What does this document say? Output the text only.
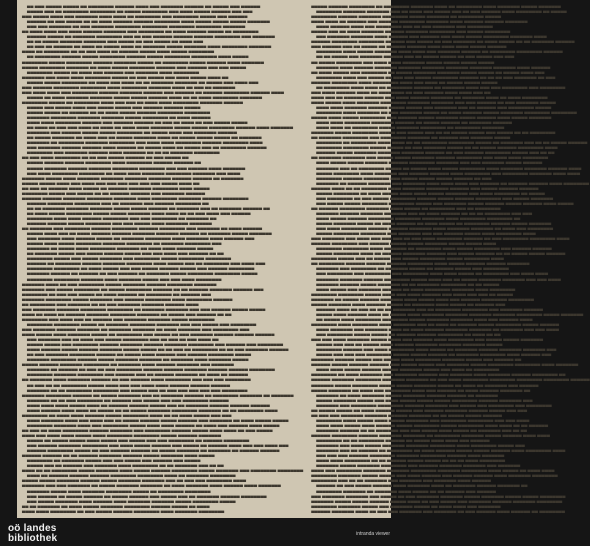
▄▄ ▄▄▄ ▄▄▄▄▄ ▄▄▄▄▄ ▄▄ ▄▄▄▄▄▄▄▄ ▄▄▄▄▄▄ ▄▄▄▄ ▄▄▄ ▄▄▄▄▄▄▄ ▄▄▄▄▄▄ ▄▄ ▄▄▄▄▄ ▄▄▄ ▄▄▄▄▄▄
▄▄▄▄▄ ▄▄▄ ▄▄ ▄▄▄▄▄▄▄▄ ▄▄▄▄▄▄▄▄ ▄▄ ▄▄▄▄▄ ▄▄▄▄▄▄▄▄ ▄▄▄ ▄▄▄▄ ▄▄▄▄▄ ▄▄▄▄▄▄ ▄▄▄ ▄▄▄
▄▄▄ ▄▄▄▄▄ ▄▄▄▄ ▄▄▄ ▄▄▄▄▄▄▄ ▄▄▄▄ ▄▄▄▄ ▄▄ ▄▄▄▄▄▄▄▄ ▄▄▄ ▄▄▄▄▄▄▄▄ ▄▄▄▄▄ ▄▄▄ ▄▄▄▄▄▄
▄▄▄▄▄▄ ▄▄ ▄▄▄ ▄▄▄▄▄ ▄▄ ▄▄ ▄▄▄▄ ▄▄▄▄▄▄ ▄▄▄▄▄▄ ▄▄▄▄▄▄▄▄ ▄▄▄▄ ▄▄▄▄▄ ▄▄▄▄▄ ▄▄▄▄▄ ▄▄▄▄▄▄▄
▄▄▄ ▄▄▄ ▄▄▄▄▄▄▄ ▄▄ ▄▄▄ ▄▄▄▄▄▄▄ ▄▄▄▄▄▄▄▄ ▄▄▄▄▄▄▄▄ ▄▄▄▄▄▄▄▄ ▄▄▄▄▄▄▄▄ ▄▄▄▄▄▄▄
▄▄ ▄▄▄▄ ▄▄▄▄ ▄▄▄ ▄▄▄▄ ▄▄▄▄▄▄ ▄▄▄▄▄▄▄ ▄▄▄ ▄▄▄▄▄▄▄▄ ▄▄ ▄▄▄▄ ▄▄▄▄▄▄ ▄▄▄▄▄ ▄▄ ▄▄▄▄▄▄▄▄
▄▄▄▄▄▄ ▄▄▄▄▄ ▄▄ ▄▄▄▄▄▄▄ ▄▄▄▄▄▄▄▄ ▄▄▄ ▄▄ ▄▄▄ ▄▄▄▄▄▄ ▄▄▄▄▄▄ ▄▄▄▄▄▄ ▄▄▄▄▄▄▄▄ ▄▄▄ ▄▄▄▄▄▄▄
▄▄ ▄▄ ▄▄▄▄▄ ▄▄▄▄▄▄▄ ▄▄▄▄▄▄▄ ▄▄▄ ▄▄▄▄▄ ▄▄ ▄▄▄ ▄▄▄▄▄ ▄▄ ▄▄▄▄ ▄▄▄
▄▄ ▄▄▄ ▄▄ ▄▄▄▄▄▄ ▄▄ ▄▄▄▄ ▄▄ ▄▄▄▄▄ ▄▄▄▄ ▄▄ ▄▄▄▄▄▄▄ ▄▄▄▄▄ ▄▄▄▄▄▄▄ ▄▄▄▄ ▄▄▄▄▄▄▄▄ ▄▄▄▄▄▄▄
▄▄▄▄ ▄▄ ▄▄▄▄▄▄▄▄ ▄▄ ▄▄ ▄▄▄ ▄▄▄▄ ▄▄ ▄▄▄▄▄▄ ▄▄▄▄▄ ▄▄▄▄ ▄▄▄▄▄ ▄▄▄▄▄▄▄▄
▄▄ ▄▄▄▄▄▄▄▄ ▄▄▄▄▄▄ ▄▄▄▄▄ ▄▄▄▄▄▄▄▄ ▄▄▄▄▄▄ ▄▄▄▄▄ ▄▄▄▄▄▄▄▄ ▄▄▄▄▄▄▄▄ ▄▄▄▄ ▄▄▄▄▄
▄▄▄▄▄▄▄▄ ▄▄▄▄▄ ▄▄▄▄▄▄▄▄ ▄▄▄▄▄▄ ▄▄▄▄▄▄▄ ▄▄▄▄▄ ▄▄ ▄▄▄▄▄▄▄▄ ▄▄▄▄▄ ▄▄▄▄▄▄ ▄▄▄▄ ▄▄▄▄▄▄▄
▄▄▄▄▄ ▄▄▄▄▄▄▄▄ ▄▄▄▄▄▄▄ ▄▄ ▄▄▄▄ ▄▄▄▄▄ ▄▄▄▄▄▄▄▄ ▄▄▄▄▄▄ ▄▄▄ ▄▄▄▄▄▄ ▄▄▄ ▄▄▄ ▄▄▄▄▄
▄▄▄▄▄▄▄▄ ▄▄▄▄▄ ▄▄ ▄▄▄▄ ▄▄▄ ▄▄▄▄▄▄ ▄▄▄ ▄▄▄▄▄▄▄ ▄▄▄▄ ▄▄▄▄▄▄▄▄
▄▄▄▄▄▄▄ ▄▄▄ ▄▄▄▄ ▄▄▄▄ ▄▄▄▄▄▄▄▄ ▄▄▄▄▄ ▄▄ ▄▄▄ ▄▄▄▄▄ ▄▄▄ ▄▄▄▄ ▄▄▄▄▄ ▄▄▄▄ ▄▄
▄▄▄▄▄ ▄▄▄▄▄ ▄▄▄▄▄▄▄▄ ▄▄ ▄▄▄▄ ▄▄▄ ▄▄▄▄ ▄▄ ▄▄ ▄▄▄▄▄▄▄ ▄▄▄▄▄▄▄ ▄▄ ▄▄▄▄▄ ▄▄▄ ▄▄▄▄ ▄▄▄
▄▄▄ ▄▄▄▄▄▄ ▄▄▄▄▄▄▄▄ ▄▄▄▄▄▄▄▄ ▄▄▄▄ ▄▄▄▄▄▄▄▄ ▄▄▄▄▄▄▄ ▄▄▄▄ ▄▄ ▄▄▄ ▄▄ ▄▄▄▄▄▄▄
▄▄▄ ▄▄▄▄ ▄▄▄▄ ▄▄▄ ▄▄▄▄▄▄▄▄ ▄▄▄▄▄▄ ▄▄▄▄▄▄▄ ▄▄▄▄▄▄ ▄▄▄ ▄▄▄▄▄▄ ▄▄ ▄▄▄▄▄▄ ▄▄▄▄▄▄▄▄ ▄▄▄▄▄▄ ▄▄▄▄
▄▄▄▄▄ ▄▄ ▄▄▄▄ ▄▄▄▄▄▄▄ ▄▄▄▄▄▄▄ ▄▄▄▄▄ ▄▄▄▄▄ ▄▄▄▄▄▄ ▄▄▄▄ ▄▄ ▄▄ ▄▄▄▄ ▄▄▄▄▄▄▄▄ ▄▄▄▄▄▄▄
▄▄▄▄▄▄▄▄ ▄▄▄▄▄ ▄▄ ▄▄▄▄▄▄▄▄ ▄▄▄▄ ▄▄▄ ▄▄▄ ▄▄ ▄▄▄▄ ▄▄▄▄ ▄▄▄▄▄▄▄▄ ▄▄▄▄▄▄▄ ▄▄▄▄▄▄
▄▄▄▄▄ ▄▄▄ ▄▄▄▄▄ ▄▄▄▄ ▄▄▄ ▄▄▄▄▄ ▄▄▄▄▄ ▄▄▄ ▄▄▄▄▄▄ ▄▄▄▄▄▄ ▄▄▄▄▄
▄▄▄▄▄ ▄▄▄▄▄ ▄▄ ▄▄▄▄▄▄ ▄▄ ▄▄ ▄▄▄▄ ▄▄▄▄▄ ▄▄▄▄▄▄ ▄▄▄▄▄▄▄▄ ▄▄▄▄▄▄▄▄
▄▄▄▄▄▄▄ ▄▄▄▄▄▄▄▄ ▄▄▄▄▄▄▄ ▄▄▄▄▄▄▄ ▄▄▄▄▄ ▄▄▄▄▄▄▄▄ ▄▄ ▄▄▄▄ ▄▄▄▄▄▄
▄▄▄▄ ▄▄▄▄ ▄▄▄▄▄▄▄▄ ▄▄▄▄▄▄ ▄▄▄ ▄▄▄▄▄▄ ▄▄▄▄▄▄ ▄▄ ▄▄▄ ▄▄ ▄▄▄▄ ▄▄ ▄▄▄ ▄▄▄▄▄ ▄▄▄▄▄
▄▄ ▄▄▄▄ ▄▄ ▄▄▄ ▄▄▄ ▄▄▄▄ ▄▄ ▄▄▄▄ ▄▄ ▄▄▄▄ ▄▄▄▄ ▄▄▄▄▄▄▄ ▄▄▄▄▄ ▄▄▄▄▄ ▄▄▄▄▄▄▄▄ ▄▄▄▄▄▄ ▄▄▄▄ ▄▄▄▄▄▄▄
▄▄▄▄▄▄▄ ▄▄▄ ▄▄▄▄▄▄ ▄▄▄▄▄ ▄▄▄▄▄ ▄▄▄▄▄▄▄▄ ▄▄ ▄▄▄▄▄ ▄▄▄▄ ▄▄▄ ▄▄▄▄▄▄▄ ▄▄▄▄▄▄
▄▄ ▄▄▄▄▄ ▄▄▄▄▄▄▄ ▄▄ ▄▄▄▄ ▄▄▄ ▄▄ ▄▄▄▄▄ ▄▄▄▄▄▄▄ ▄▄▄▄ ▄▄ ▄▄▄▄▄ ▄▄▄▄▄ ▄▄▄▄▄ ▄▄ ▄▄▄▄▄▄▄
▄▄▄▄▄▄▄ ▄▄ ▄▄▄▄▄▄▄▄ ▄▄▄▄▄▄▄ ▄▄▄▄▄▄▄▄ ▄▄▄ ▄▄▄▄ ▄▄▄▄ ▄▄▄▄▄▄▄▄ ▄▄▄▄▄▄ ▄▄▄▄▄▄▄▄ ▄▄▄▄
▄▄▄ ▄▄▄▄▄▄▄ ▄▄▄▄▄▄ ▄▄▄▄▄▄ ▄▄▄▄ ▄▄▄▄▄▄ ▄▄ ▄▄▄▄▄ ▄▄▄▄ ▄▄ ▄▄▄▄▄ ▄▄▄ ▄▄ ▄▄▄▄▄▄▄▄ ▄▄▄▄▄▄
▄▄▄▄▄▄▄▄ ▄▄▄ ▄▄▄▄▄▄▄ ▄▄▄▄▄▄ ▄▄▄▄ ▄▄▄▄▄▄▄ ▄▄ ▄▄ ▄▄ ▄▄▄▄▄▄▄ ▄▄▄▄▄▄▄▄
▄▄ ▄▄▄ ▄▄▄▄ ▄▄▄▄▄▄▄▄ ▄▄ ▄▄ ▄▄▄ ▄▄▄▄▄ ▄▄▄▄▄▄ ▄▄ ▄▄▄ ▄▄▄▄▄ ▄▄
▄▄▄▄▄ ▄▄▄▄▄▄ ▄▄▄▄▄▄ ▄▄▄▄▄▄▄▄ ▄▄▄▄ ▄▄▄▄▄▄▄▄ ▄▄▄▄▄▄ ▄▄▄▄▄▄ ▄▄
▄▄▄▄▄ ▄▄▄▄▄▄▄ ▄▄▄▄▄▄ ▄▄▄▄▄▄▄ ▄▄▄▄▄▄▄▄ ▄▄▄▄▄▄▄▄ ▄▄▄ ▄▄▄ ▄▄▄▄▄▄ ▄▄▄▄ ▄▄▄▄▄▄▄
▄▄▄ ▄▄▄▄ ▄▄▄▄▄▄▄▄ ▄▄▄▄▄▄▄▄ ▄▄ ▄▄▄▄ ▄▄▄▄ ▄▄▄▄▄▄▄ ▄▄▄▄▄▄▄▄ ▄▄▄▄▄▄▄ ▄▄▄ ▄▄▄▄
▄▄▄▄▄▄▄ ▄▄▄▄▄ ▄▄▄▄ ▄▄▄▄▄▄▄ ▄▄▄▄▄▄▄ ▄▄▄▄▄▄▄ ▄▄▄▄▄▄▄ ▄▄▄▄▄▄ ▄▄▄▄▄▄ ▄▄ ▄▄▄▄▄▄▄
▄▄▄▄▄ ▄▄▄▄▄ ▄▄▄▄ ▄▄▄ ▄▄▄▄ ▄▄▄ ▄▄▄ ▄▄▄ ▄▄▄ ▄▄▄ ▄▄▄ ▄▄▄▄▄ ▄▄▄▄ ▄▄
▄▄ ▄▄▄ ▄▄ ▄▄▄▄▄▄ ▄▄▄▄ ▄▄▄▄▄ ▄▄ ▄▄▄▄▄▄ ▄▄▄▄▄▄▄ ▄▄▄▄▄▄▄▄ ▄▄▄▄ ▄▄▄▄▄
▄▄▄▄▄▄▄▄ ▄▄▄▄▄ ▄▄▄ ▄▄▄▄▄ ▄▄ ▄▄ ▄▄▄▄▄▄ ▄▄▄▄▄▄ ▄▄▄ ▄▄▄▄▄▄▄ ▄▄▄▄▄▄
▄▄▄▄▄▄ ▄▄▄▄▄▄ ▄▄▄▄▄▄▄ ▄▄▄▄▄▄▄▄ ▄▄▄▄▄▄▄ ▄▄▄▄ ▄▄▄▄▄▄▄▄ ▄▄▄▄▄▄▄ ▄▄▄▄▄▄ ▄▄▄▄▄▄▄▄
▄▄▄▄▄▄ ▄▄▄▄▄▄▄▄ ▄▄▄▄▄▄▄▄ ▄▄▄ ▄▄ ▄▄▄▄▄▄▄ ▄▄▄ ▄▄▄▄▄▄ ▄▄▄▄▄▄▄▄ ▄▄
▄▄ ▄▄ ▄▄▄▄▄▄▄ ▄▄▄▄▄▄▄ ▄▄▄▄▄▄▄ ▄▄▄▄▄ ▄▄▄▄▄ ▄▄▄▄▄▄ ▄▄ ▄▄▄▄▄▄▄ ▄▄▄ ▄▄ ▄▄▄▄▄▄▄ ▄▄▄▄▄▄ ▄▄
▄▄ ▄▄▄▄ ▄▄▄▄▄ ▄▄▄▄▄▄▄▄ ▄▄▄▄▄ ▄▄▄▄▄ ▄▄▄▄▄▄▄ ▄▄▄▄ ▄▄▄▄ ▄▄ ▄▄ ▄▄▄ ▄▄▄▄ ▄▄▄ ▄▄▄▄▄▄
▄▄▄▄▄▄▄▄ ▄▄▄▄ ▄▄▄▄ ▄▄▄▄▄▄ ▄▄▄▄▄▄▄▄ ▄▄▄ ▄▄▄ ▄▄▄▄▄▄▄▄ ▄▄ ▄▄▄▄▄▄▄ ▄▄
▄▄▄▄▄▄ ▄▄▄▄▄▄ ▄▄▄▄▄ ▄▄▄▄▄▄▄▄ ▄▄▄ ▄▄▄ ▄▄▄▄▄ ▄▄▄▄ ▄▄▄▄▄▄▄ ▄▄▄▄▄▄▄
▄▄ ▄▄▄▄▄▄▄ ▄▄▄ ▄▄▄▄▄▄▄▄ ▄▄▄▄▄▄ ▄▄▄▄▄▄▄▄ ▄▄▄▄▄▄ ▄▄▄▄▄▄▄▄ ▄▄▄ ▄▄▄▄▄▄▄ ▄▄ ▄▄▄▄ ▄▄▄▄▄▄
▄▄▄▄▄ ▄▄▄▄ ▄▄▄ ▄▄ ▄▄▄▄ ▄▄▄▄▄▄ ▄▄▄▄▄▄ ▄▄▄▄▄▄▄ ▄▄▄▄▄▄▄ ▄▄▄▄▄▄ ▄▄ ▄▄▄▄▄▄▄ ▄▄▄▄▄ ▄▄▄▄▄▄▄
▄▄▄ ▄▄▄▄▄▄▄ ▄▄▄▄ ▄▄▄▄▄▄ ▄▄▄▄▄ ▄▄ ▄▄▄▄▄▄▄ ▄▄▄▄▄▄▄▄ ▄▄▄▄ ▄▄▄▄▄▄▄ ▄▄▄▄ ▄▄▄▄▄▄ ▄▄▄
▄▄▄▄▄ ▄▄▄▄ ▄▄▄▄▄ ▄▄▄▄▄▄▄▄ ▄▄▄▄▄▄▄ ▄▄▄▄▄▄▄▄ ▄▄ ▄▄▄▄▄▄▄ ▄▄▄▄▄▄▄▄ ▄▄▄
▄▄▄▄▄▄▄ ▄▄ ▄▄▄▄▄ ▄▄▄▄ ▄▄▄▄▄▄▄▄ ▄▄▄▄▄▄▄ ▄▄ ▄▄▄▄ ▄▄▄▄ ▄▄▄▄▄▄ ▄▄▄▄▄
▄▄ ▄▄▄▄▄▄▄ ▄▄▄▄▄ ▄▄▄ ▄▄▄▄▄ ▄▄▄▄▄▄ ▄▄▄▄▄ ▄▄▄ ▄▄▄ ▄▄▄▄ ▄▄▄ ▄▄▄▄▄▄ ▄▄ ▄▄
▄▄▄▄▄▄▄▄ ▄▄▄▄▄ ▄▄▄ ▄▄▄▄▄ ▄▄▄▄▄▄▄ ▄▄▄ ▄▄▄▄▄▄▄▄ ▄▄▄▄▄ ▄▄▄▄▄▄▄▄ ▄▄▄▄▄▄▄▄
▄▄▄▄▄▄ ▄▄ ▄▄▄▄▄▄▄▄ ▄▄▄▄▄▄ ▄▄▄▄▄▄▄ ▄▄▄▄▄▄▄▄ ▄▄▄▄ ▄▄▄▄▄ ▄▄▄ ▄▄ ▄▄▄▄▄▄▄▄ ▄▄▄ ▄▄▄▄ ▄▄▄
▄▄▄▄▄▄▄▄ ▄▄▄▄▄▄▄▄ ▄▄ ▄▄▄▄ ▄▄▄▄▄ ▄▄▄ ▄▄▄ ▄▄▄▄▄ ▄▄▄▄▄▄ ▄▄▄▄▄ ▄▄▄ ▄▄▄▄▄▄ ▄▄▄▄▄▄▄▄
▄▄▄▄▄▄▄ ▄▄▄▄▄▄ ▄▄ ▄▄▄▄▄▄ ▄▄ ▄▄▄ ▄▄▄▄▄▄ ▄▄ ▄▄▄▄▄▄▄ ▄▄▄▄▄ ▄▄▄▄▄▄▄▄ ▄▄▄▄▄▄▄▄ ▄▄▄▄▄
▄▄▄▄▄▄▄▄ ▄▄▄▄▄▄▄▄ ▄▄▄▄▄▄▄ ▄▄▄▄ ▄▄▄▄▄▄▄ ▄▄▄▄▄ ▄▄▄ ▄▄▄ ▄▄▄▄ ▄▄▄▄▄▄▄▄
▄▄▄▄▄▄▄ ▄▄▄▄ ▄▄ ▄▄▄ ▄▄▄▄▄▄▄▄ ▄▄▄▄▄ ▄▄▄▄▄▄▄ ▄▄▄▄▄▄ ▄▄▄▄▄▄▄▄ ▄▄▄▄▄▄▄
▄▄▄▄▄▄▄ ▄▄▄ ▄▄▄▄▄ ▄▄▄▄▄▄▄▄ ▄▄ ▄▄▄▄▄ ▄▄▄▄▄▄▄▄ ▄▄▄▄▄▄ ▄▄ ▄▄ ▄▄▄▄▄▄ ▄▄▄▄▄▄▄ ▄▄▄▄▄▄ ▄▄▄
▄▄▄▄▄▄▄▄ ▄▄ ▄▄▄ ▄▄▄ ▄▄▄▄▄ ▄▄ ▄▄▄▄ ▄▄▄▄▄▄ ▄▄ ▄▄▄▄▄▄▄▄ ▄▄ ▄▄▄▄▄▄ ▄▄▄
▄▄▄▄▄▄▄ ▄▄▄▄▄▄▄▄ ▄▄▄▄▄ ▄▄▄▄▄▄▄ ▄▄▄ ▄▄▄▄▄▄ ▄▄▄▄▄▄▄▄ ▄▄▄▄ ▄▄▄▄▄▄▄▄ ▄▄▄▄▄▄
▄▄ ▄▄▄▄▄▄▄▄ ▄▄▄ ▄▄▄▄▄▄▄ ▄▄ ▄▄ ▄▄▄ ▄▄▄▄▄▄▄ ▄▄▄▄▄▄▄ ▄▄▄▄▄▄ ▄▄▄▄
▄▄▄ ▄▄▄▄▄▄▄ ▄▄▄▄▄▄▄ ▄▄▄▄▄▄▄▄ ▄▄▄▄▄▄▄▄ ▄▄ ▄▄▄▄▄▄▄ ▄▄▄▄▄▄▄ ▄▄▄ ▄▄▄ ▄▄▄▄▄▄ ▄▄▄▄▄ ▄▄▄▄▄
▄▄▄▄ ▄▄ ▄▄▄▄ ▄▄ ▄▄▄▄▄▄ ▄▄▄▄▄▄▄ ▄▄▄▄▄▄▄▄ ▄▄▄▄▄▄▄ ▄▄ ▄▄▄▄▄ ▄▄▄ ▄▄▄▄▄▄ ▄▄ ▄▄
▄▄▄▄▄▄▄▄ ▄▄▄ ▄▄▄▄ ▄▄▄ ▄▄ ▄▄▄▄▄▄ ▄▄▄ ▄▄▄▄▄▄▄ ▄▄▄▄▄▄▄ ▄▄▄▄▄ ▄▄▄▄▄▄▄▄
▄▄▄▄▄▄▄▄ ▄▄▄▄▄▄▄▄ ▄▄▄▄▄ ▄▄ ▄▄▄▄▄▄▄ ▄▄▄▄▄▄▄▄ ▄▄▄▄▄▄▄ ▄▄▄ ▄▄▄ ▄▄▄▄▄ ▄▄▄ ▄▄▄▄▄▄▄▄
▄▄▄ ▄▄▄▄▄▄▄ ▄▄▄▄▄▄ ▄▄▄▄▄▄▄ ▄▄ ▄▄▄▄▄▄▄ ▄▄▄▄▄▄▄ ▄▄ ▄▄▄▄ ▄▄▄▄▄▄▄ ▄▄▄ ▄▄▄▄▄▄▄▄ ▄▄▄
▄▄▄▄ ▄▄▄▄▄ ▄▄▄▄ ▄▄▄▄▄▄▄ ▄▄▄▄▄ ▄▄ ▄▄▄▄▄▄▄▄ ▄▄▄ ▄▄▄▄▄ ▄▄ ▄▄▄ ▄▄▄▄▄▄▄ ▄▄▄▄▄▄ ▄▄▄▄▄▄ ▄▄▄▄▄▄
▄▄▄ ▄▄▄▄▄▄▄ ▄▄▄ ▄▄ ▄▄▄▄ ▄▄▄ ▄▄▄▄▄ ▄▄▄▄▄▄▄▄ ▄▄▄ ▄▄ ▄▄▄ ▄▄ ▄▄▄ ▄▄▄▄ ▄▄
▄▄▄▄▄ ▄▄▄▄▄ ▄▄▄ ▄▄▄▄▄▄▄▄ ▄▄▄▄▄▄ ▄▄▄▄▄▄▄ ▄▄▄▄▄▄ ▄▄▄▄▄▄▄ ▄▄▄▄▄▄▄▄ ▄▄▄ ▄▄▄▄▄▄ ▄▄▄ ▄▄▄▄▄▄▄▄
▄▄▄▄ ▄▄▄▄▄▄ ▄▄▄▄▄ ▄▄▄▄▄▄ ▄▄▄▄▄▄▄ ▄▄▄▄▄ ▄▄▄▄▄ ▄▄ ▄▄ ▄▄▄ ▄▄ ▄▄▄▄▄▄▄▄ ▄▄ ▄▄ ▄▄▄ ▄▄▄▄▄▄▄ ▄▄▄▄▄▄
▄▄ ▄▄▄ ▄▄▄▄▄▄▄ ▄▄▄▄▄▄▄▄ ▄▄▄▄▄▄ ▄▄ ▄▄▄▄▄ ▄▄▄▄ ▄▄▄▄▄▄ ▄▄▄ ▄▄▄▄▄▄ ▄▄▄▄▄▄▄▄ ▄▄▄▄▄
▄▄▄▄▄▄▄ ▄▄▄▄▄▄▄▄ ▄▄▄▄▄▄ ▄▄▄▄▄ ▄▄▄▄▄▄▄ ▄▄▄▄▄▄▄ ▄▄ ▄▄▄▄▄▄▄ ▄▄▄▄ ▄▄▄▄▄▄▄ ▄▄▄▄▄
▄▄▄▄▄ ▄▄▄▄▄▄ ▄▄▄▄▄▄▄ ▄▄▄▄▄▄▄▄ ▄▄ ▄▄▄▄▄▄▄ ▄▄▄▄ ▄▄▄▄▄▄ ▄▄▄▄▄▄▄ ▄▄▄ ▄▄▄▄▄▄▄
▄▄▄▄▄▄▄ ▄▄ ▄▄▄▄▄▄ ▄▄ ▄▄▄ ▄▄ ▄▄▄ ▄▄▄▄▄▄▄▄ ▄▄▄▄▄▄ ▄▄▄▄▄▄ ▄▄▄▄▄▄▄ ▄▄▄▄▄▄ ▄▄▄▄▄▄ ▄▄▄▄▄▄▄▄
▄▄▄▄▄▄▄▄ ▄▄▄▄▄▄▄ ▄▄▄▄▄▄▄▄ ▄▄▄ ▄▄▄▄▄▄ ▄▄▄ ▄▄ ▄▄▄▄▄▄ ▄▄▄▄▄▄▄ ▄▄ ▄▄▄▄ ▄▄ ▄▄▄▄▄▄
▄▄ ▄▄▄▄▄▄▄ ▄▄▄▄ ▄▄▄▄▄▄▄ ▄▄▄▄▄▄ ▄▄ ▄▄▄ ▄▄▄▄▄▄ ▄▄▄▄ ▄▄▄▄▄▄▄▄ ▄▄▄ ▄▄▄ ▄▄▄ ▄▄▄▄▄▄▄▄
▄▄ ▄▄▄ ▄▄ ▄▄ ▄▄▄▄▄▄▄▄ ▄▄▄▄▄ ▄▄▄▄ ▄▄▄ ▄▄▄ ▄▄▄▄ ▄▄▄▄ ▄▄▄▄▄▄ ▄▄▄▄▄▄ ▄▄▄▄▄▄
▄▄▄▄▄▄▄ ▄▄ ▄▄ ▄▄▄▄▄▄▄▄ ▄▄▄▄▄▄▄▄ ▄▄▄ ▄▄▄▄▄ ▄▄▄ ▄▄ ▄▄▄ ▄▄▄ ▄▄▄ ▄▄▄ ▄▄▄ ▄▄▄▄▄▄▄▄
▄▄▄▄▄▄▄ ▄▄▄▄▄▄▄▄ ▄▄▄▄▄▄ ▄▄ ▄▄▄▄▄ ▄▄▄▄▄▄▄ ▄▄▄ ▄▄ ▄▄▄▄▄▄▄ ▄▄▄▄▄▄ ▄▄ ▄▄▄▄▄▄▄▄ ▄▄▄▄▄▄▄ ▄▄ ▄▄▄▄▄▄▄
▄▄▄▄▄▄▄ ▄▄ ▄▄ ▄▄▄ ▄▄▄▄▄▄▄▄ ▄▄ ▄▄▄▄▄▄ ▄▄▄ ▄▄▄▄▄ ▄▄▄ ▄▄▄ ▄▄▄▄▄▄▄▄ ▄▄▄▄▄▄
▄▄▄▄ ▄▄▄▄ ▄▄▄▄ ▄▄▄▄▄ ▄▄▄▄ ▄▄ ▄▄▄▄▄▄ ▄▄▄▄▄▄ ▄▄▄▄▄ ▄▄▄ ▄▄ ▄▄▄▄▄▄▄ ▄▄▄▄▄▄ ▄▄▄▄▄▄ ▄▄▄▄▄▄
▄▄▄▄ ▄▄▄▄▄▄ ▄▄▄▄ ▄▄▄▄ ▄▄ ▄▄▄▄▄ ▄▄ ▄▄ ▄▄▄▄▄ ▄▄▄▄▄▄▄ ▄▄▄▄▄▄▄▄ ▄▄▄▄▄▄▄ ▄▄ ▄▄ ▄▄▄▄▄▄▄▄ ▄▄▄▄
▄▄▄▄▄▄▄▄ ▄▄ ▄▄▄▄ ▄▄▄▄ ▄▄▄▄▄▄ ▄▄▄▄▄ ▄▄▄▄▄▄▄▄ ▄▄▄▄ ▄▄ ▄▄ ▄▄▄▄ ▄▄▄▄▄ ▄▄▄ ▄▄▄
▄▄▄▄ ▄▄▄▄▄▄▄ ▄▄▄▄ ▄▄▄ ▄▄▄▄ ▄▄▄ ▄▄ ▄▄▄▄▄ ▄▄▄▄▄▄ ▄▄▄▄▄ ▄▄▄▄▄▄ ▄▄▄ ▄▄▄▄▄▄▄ ▄▄ ▄▄▄▄ ▄▄▄▄▄ ▄▄▄▄▄
▄▄▄▄▄▄▄▄ ▄▄▄▄▄▄▄ ▄▄▄▄ ▄▄▄ ▄▄▄▄▄▄▄▄ ▄▄▄▄▄ ▄▄▄▄ ▄▄▄▄ ▄▄▄▄▄▄ ▄▄ ▄▄▄▄ ▄▄▄ ▄▄▄▄▄▄ ▄▄▄▄ ▄▄▄▄▄
▄▄ ▄▄▄ ▄▄ ▄▄▄▄ ▄▄▄▄▄▄▄▄ ▄▄▄▄▄▄ ▄▄▄▄▄▄▄ ▄▄▄ ▄▄▄▄▄▄▄▄ ▄▄▄▄▄▄ ▄▄▄▄▄ ▄▄▄▄ ▄▄▄▄ ▄▄ ▄▄▄ ▄▄▄▄▄
▄▄▄▄ ▄▄▄ ▄▄▄▄ ▄▄▄▄ ▄▄▄▄▄ ▄▄▄▄ ▄▄▄▄▄▄▄▄ ▄▄▄▄▄▄▄▄ ▄▄▄▄▄ ▄▄▄▄▄▄ ▄▄▄▄▄▄▄
▄▄▄▄▄ ▄▄ ▄▄▄▄▄ ▄▄▄▄▄ ▄▄▄▄ ▄▄▄▄▄ ▄▄▄ ▄▄▄▄▄ ▄▄▄ ▄▄▄ ▄▄▄▄▄▄▄▄ ▄▄ ▄▄▄▄▄▄ ▄▄▄▄▄▄▄▄
▄▄▄ ▄▄▄▄▄▄ ▄▄▄▄▄▄▄ ▄▄▄▄▄▄▄▄ ▄▄▄ ▄▄▄▄ ▄▄▄▄▄ ▄▄▄▄▄▄ ▄▄▄ ▄▄▄▄▄ ▄▄ ▄▄▄▄▄▄ ▄▄▄▄ ▄▄▄ ▄▄▄ ▄▄▄▄ ▄▄▄
▄▄▄▄▄▄ ▄▄▄▄▄▄▄▄ ▄▄▄▄▄ ▄▄ ▄▄▄ ▄▄▄▄▄▄ ▄▄▄▄▄▄ ▄▄ ▄▄▄▄▄ ▄▄▄▄▄▄▄ ▄▄ ▄▄▄▄▄▄▄ ▄▄ ▄▄▄▄▄▄ ▄▄▄▄▄▄
▄▄▄▄▄▄ ▄▄▄▄▄▄ ▄▄ ▄▄ ▄▄▄▄▄▄ ▄▄▄▄▄▄▄ ▄▄▄▄▄▄ ▄▄▄▄▄ ▄▄▄▄▄▄▄ ▄▄▄▄ ▄▄▄▄▄
▄▄▄▄▄▄▄▄ ▄▄ ▄▄▄▄▄▄▄ ▄▄▄▄▄ ▄▄▄ ▄▄▄ ▄▄▄▄▄ ▄▄▄ ▄▄▄▄▄▄ ▄▄▄ ▄▄▄▄▄
▄▄▄▄▄ ▄▄▄ ▄▄ ▄▄▄▄▄▄ ▄▄▄ ▄▄▄▄▄▄▄ ▄▄▄▄ ▄▄▄▄▄▄▄▄ ▄▄ ▄▄ ▄▄▄▄▄▄▄ ▄▄▄ ▄▄ ▄▄
▄▄▄▄ ▄▄ ▄▄ ▄▄▄▄▄▄▄▄ ▄▄▄▄▄ ▄▄▄▄▄▄▄ ▄▄▄▄ ▄▄▄▄▄ ▄▄▄▄▄▄ ▄▄▄▄▄▄▄▄ ▄▄▄▄▄ ▄▄▄▄▄▄▄ ▄▄▄ ▄▄▄▄▄▄▄▄ ▄▄▄▄▄▄▄▄
▄▄▄▄ ▄▄ ▄▄▄▄▄▄ ▄▄▄▄▄▄ ▄▄▄▄▄▄ ▄▄▄▄▄▄▄▄ ▄▄▄▄▄▄▄▄ ▄▄▄▄ ▄▄ ▄▄▄▄▄▄▄ ▄▄▄▄▄▄▄▄
▄▄▄▄▄ ▄▄▄▄▄ ▄▄▄▄▄▄▄ ▄▄▄▄▄▄ ▄▄▄▄▄ ▄▄▄▄▄▄▄ ▄▄▄▄▄▄▄ ▄▄▄ ▄▄ ▄▄▄ ▄▄▄ ▄▄▄▄▄▄▄▄ ▄▄▄▄
▄▄▄▄▄▄▄ ▄▄▄ ▄▄▄ ▄▄▄▄▄▄▄ ▄▄ ▄▄▄▄▄ ▄▄▄▄▄▄▄ ▄▄▄▄▄▄▄ ▄▄ ▄▄▄▄ ▄▄▄▄▄▄▄ ▄▄▄▄ ▄▄▄▄▄▄ ▄▄▄▄ ▄▄▄▄▄▄▄
▄▄▄▄▄▄▄ ▄▄▄▄▄ ▄▄▄▄ ▄▄▄▄▄▄▄ ▄▄▄▄▄▄▄▄ ▄▄▄▄▄ ▄▄ ▄▄▄▄▄▄▄▄ ▄▄▄▄▄▄▄▄
▄▄▄ ▄▄▄▄▄▄ ▄▄ ▄▄▄▄▄ ▄▄▄▄▄▄ ▄▄ ▄▄▄▄▄ ▄▄▄▄▄▄ ▄▄▄ ▄▄▄▄▄ ▄▄▄ ▄▄ ▄▄▄▄▄▄▄ ▄▄▄▄▄▄ ▄▄▄▄▄▄▄▄
▄▄▄ ▄▄▄▄▄ ▄▄▄▄▄▄▄ ▄▄▄▄ ▄▄▄▄▄▄ ▄▄▄▄ ▄▄▄▄▄▄▄ ▄▄▄▄▄▄▄ ▄▄▄▄▄ ▄▄▄▄▄▄▄▄ ▄▄▄▄▄
▄▄ ▄▄ ▄▄▄▄▄▄▄ ▄▄ ▄▄▄▄ ▄▄▄▄▄ ▄▄▄▄▄▄▄ ▄▄▄▄▄▄▄▄ ▄▄▄▄▄▄ ▄▄▄▄▄ ▄▄ ▄▄▄▄
▄▄▄▄ ▄▄▄▄ ▄▄▄▄▄▄▄▄ ▄▄ ▄▄▄ ▄▄▄▄▄ ▄▄▄▄▄▄ ▄▄▄▄▄▄▄▄ ▄▄▄▄ ▄▄▄▄▄▄▄ ▄▄▄▄▄▄▄▄
▄▄▄▄▄ ▄▄▄▄▄▄ ▄▄▄▄▄▄▄▄ ▄▄ ▄▄▄▄▄▄▄▄ ▄▄▄▄▄▄▄ ▄▄▄▄ ▄▄ ▄▄▄▄▄▄▄▄ ▄▄▄▄ ▄▄▄▄▄▄▄ ▄▄▄▄▄ ▄▄▄▄▄▄▄
▄▄▄▄▄▄▄▄ ▄▄▄▄▄▄▄ ▄▄▄▄▄▄▄ ▄▄▄ ▄▄ ▄▄▄▄ ▄▄▄ ▄▄▄▄▄ ▄▄▄ ▄▄ ▄▄▄ ▄▄▄▄▄▄ ▄▄▄▄ ▄▄▄▄▄▄▄▄ ▄▄ ▄▄▄▄▄
▄▄▄▄▄▄▄▄ ▄▄▄▄▄▄ ▄▄▄▄▄▄▄ ▄▄▄▄▄▄▄▄ ▄▄▄▄▄ ▄▄▄▄▄▄▄ ▄▄ ▄▄▄▄▄▄▄▄ ▄▄▄▄▄
▄▄▄▄ ▄▄▄▄ ▄▄ ▄▄▄▄▄▄ ▄▄▄ ▄▄▄▄▄▄ ▄▄▄▄▄▄▄▄ ▄▄▄▄▄▄▄ ▄▄▄▄ ▄▄▄▄▄▄ ▄▄▄▄▄▄ ▄▄▄▄▄▄▄
▄▄▄▄ ▄▄▄▄▄▄ ▄▄▄▄ ▄▄▄ ▄▄▄▄▄▄▄▄ ▄▄▄ ▄▄ ▄▄▄ ▄▄▄▄▄▄▄ ▄▄▄ ▄▄▄▄▄▄▄▄
▄▄▄▄▄ ▄▄▄ ▄▄ ▄▄▄▄ ▄▄▄▄▄▄▄ ▄▄▄▄▄▄ ▄▄▄▄▄▄▄ ▄▄▄▄▄▄▄▄ ▄▄▄ ▄▄▄▄▄ ▄▄▄▄▄▄▄▄
▄▄▄ ▄▄▄▄▄▄▄ ▄▄▄▄▄▄▄ ▄▄▄▄ ▄▄▄▄▄▄ ▄▄▄ ▄▄▄▄▄▄ ▄▄▄ ▄▄▄▄ ▄▄▄▄▄ ▄▄▄▄▄▄▄▄ ▄▄▄▄▄▄▄ ▄▄▄▄
▄▄▄▄▄▄ ▄▄▄▄▄▄▄▄ ▄▄▄▄▄▄▄▄ ▄▄▄▄▄▄ ▄▄▄ ▄▄▄▄▄ ▄▄ ▄▄▄ ▄▄▄▄▄▄▄ ▄▄ ▄▄▄▄ ▄▄▄▄▄ ▄▄ ▄▄ ▄▄▄▄▄▄▄ ▄▄▄▄▄▄
▄▄▄ ▄▄▄▄▄▄ ▄▄▄ ▄▄ ▄▄▄▄▄ ▄▄ ▄▄▄▄▄▄ ▄▄▄▄▄▄ ▄▄▄▄ ▄▄▄▄ ▄▄▄▄ ▄▄▄▄▄ ▄▄▄▄▄▄
▄▄▄▄▄▄▄▄ ▄▄▄▄ ▄▄▄▄▄ ▄▄▄▄▄▄▄ ▄▄▄▄ ▄▄▄▄ ▄▄▄ ▄▄▄▄▄▄▄ ▄▄▄▄▄▄ ▄▄ ▄▄▄▄▄▄▄▄ ▄▄▄▄▄▄▄▄ ▄▄▄▄▄▄
▄▄ ▄▄ ▄▄▄▄▄ ▄▄▄ ▄▄▄▄▄▄▄ ▄▄▄▄▄▄ ▄▄▄ ▄▄ ▄▄▄▄▄ ▄▄▄▄▄ ▄▄ ▄▄▄ ▄▄▄▄▄ ▄▄▄ ▄▄▄
▄▄ ▄▄▄▄▄ ▄▄▄▄▄▄▄▄ ▄▄▄ ▄▄▄▄ ▄▄▄▄ ▄▄▄▄▄▄▄ ▄▄▄▄▄ ▄▄▄▄▄ ▄▄▄▄▄ ▄▄▄▄▄
▄▄▄▄▄▄▄ ▄▄▄▄ ▄▄▄▄▄▄ ▄▄▄▄▄▄▄ ▄▄▄▄▄▄▄ ▄▄▄▄▄▄▄ ▄▄▄▄▄▄▄ ▄▄▄▄▄▄▄ ▄▄▄▄▄▄▄ ▄▄▄▄ ▄▄▄▄▄▄
▄▄ ▄▄▄▄ ▄▄▄▄▄ ▄▄▄ ▄▄▄▄▄▄▄▄ ▄▄ ▄▄▄▄▄ ▄▄▄▄▄▄▄ ▄▄▄▄▄▄▄ ▄▄▄▄▄ ▄▄▄▄▄ ▄▄ ▄▄▄▄▄ ▄▄▄▄ ▄▄▄
▄▄▄▄▄▄▄▄ ▄▄▄▄ ▄▄▄ ▄▄▄▄▄ ▄▄ ▄▄▄ ▄▄▄ ▄▄▄▄▄ ▄▄▄▄▄▄▄▄ ▄▄▄▄▄▄ ▄▄ ▄▄ ▄▄ ▄▄▄ ▄▄▄▄▄▄▄ ▄▄ ▄▄▄
▄▄▄▄▄▄ ▄▄▄▄▄▄▄▄ ▄▄▄▄ ▄▄▄▄▄▄▄▄ ▄▄▄▄ ▄▄▄ ▄▄▄▄ ▄▄ ▄▄▄▄▄ ▄▄▄▄▄ ▄▄▄▄▄
▄▄ ▄▄▄▄▄▄▄▄ ▄▄▄▄ ▄▄▄▄ ▄▄ ▄▄▄▄▄▄▄▄ ▄▄▄▄▄▄ ▄▄ ▄▄▄▄▄▄▄ ▄▄▄▄ ▄▄▄ ▄▄▄ ▄▄▄▄▄▄▄▄ ▄▄▄ ▄▄▄▄▄▄▄▄
▄▄▄ ▄▄▄▄ ▄▄▄▄▄▄ ▄▄▄▄ ▄▄ ▄▄▄▄▄▄▄▄ ▄▄ ▄▄▄ ▄▄▄▄▄▄ ▄▄▄▄ ▄▄▄▄ ▄▄▄ ▄▄
▄▄▄▄ ▄▄▄ ▄▄ ▄▄▄▄▄▄ ▄▄▄▄▄▄ ▄▄▄ ▄▄▄▄ ▄▄▄▄▄▄ ▄▄▄▄▄▄▄ ▄▄ ▄▄▄▄▄▄▄ ▄▄▄▄ ▄▄ ▄▄▄▄ ▄▄▄▄▄▄▄▄
▄▄▄▄ ▄▄▄▄▄ ▄▄▄▄ ▄▄▄▄▄▄▄ ▄▄▄▄▄▄▄▄ ▄▄▄▄▄▄▄ ▄▄▄▄▄▄▄ ▄▄▄ ▄▄▄ ▄▄▄▄▄▄ ▄▄ ▄▄▄ ▄▄▄▄▄▄▄ ▄▄▄▄▄
▄▄▄▄ ▄▄▄▄ ▄▄▄▄▄▄▄ ▄▄▄▄▄▄ ▄▄▄▄▄ ▄▄▄▄▄ ▄▄▄ ▄▄▄▄▄▄▄ ▄▄▄ ▄▄ ▄▄▄▄▄▄ ▄▄▄ ▄▄▄▄▄▄▄▄ ▄▄▄▄▄
▄▄▄▄▄▄▄▄ ▄▄▄▄ ▄▄▄▄▄▄▄ ▄▄ ▄▄▄ ▄▄▄▄▄▄▄ ▄▄▄▄▄ ▄▄ ▄▄▄▄ ▄▄▄▄▄▄ ▄▄▄▄▄ ▄▄▄▄▄▄▄ ▄▄▄▄▄▄▄▄ ▄▄▄▄▄▄▄▄
▄▄▄▄▄ ▄▄▄▄ ▄▄▄▄▄ ▄▄▄▄▄▄▄▄ ▄▄▄ ▄▄▄▄▄▄ ▄▄▄▄▄ ▄▄▄▄▄▄▄ ▄▄▄▄▄ ▄▄▄▄▄▄ ▄▄▄▄ ▄▄▄▄▄ ▄▄▄▄▄▄▄
▄▄▄▄ ▄▄▄▄ ▄▄▄▄▄▄▄▄ ▄▄▄▄▄▄▄ ▄▄▄▄▄▄ ▄▄ ▄▄▄▄▄ ▄▄▄▄▄▄ ▄▄ ▄▄▄▄▄▄▄ ▄▄▄▄▄▄
▄▄▄▄ ▄▄▄▄ ▄▄ ▄▄▄▄▄▄▄▄ ▄▄▄▄▄ ▄▄▄▄▄▄▄ ▄▄▄▄▄▄▄▄ ▄▄ ▄▄▄▄▄▄▄▄ ▄▄▄▄▄▄▄
▄▄▄▄▄▄▄ ▄▄▄▄▄ ▄▄▄▄▄▄▄▄ ▄▄▄▄▄ ▄▄▄ ▄▄▄▄▄ ▄▄▄ ▄▄ ▄▄ ▄▄▄▄▄ ▄▄▄▄▄ ▄▄▄ ▄▄▄▄▄ ▄▄ ▄▄ ▄▄▄▄▄▄▄▄
▄▄ ▄▄▄▄▄▄▄ ▄▄▄▄▄▄▄▄ ▄▄▄ ▄▄▄▄▄▄▄▄ ▄▄▄▄▄▄▄ ▄▄ ▄▄▄▄▄▄ ▄▄▄ ▄▄▄▄▄▄▄ ▄▄▄▄▄
▄▄▄▄▄▄▄▄ ▄▄ ▄▄▄▄▄▄▄▄ ▄▄▄▄ ▄▄▄▄ ▄▄ ▄▄ ▄▄▄▄▄▄▄▄ ▄▄▄▄▄▄▄▄ ▄▄▄▄▄ ▄▄ ▄▄▄▄▄▄▄ ▄▄▄ ▄▄ ▄▄ ▄▄▄▄▄ ▄▄▄▄▄▄
▄▄▄▄▄▄▄▄ ▄▄▄▄▄▄▄▄ ▄▄▄▄▄ ▄▄▄▄▄ ▄▄ ▄▄▄ ▄▄▄▄▄▄▄ ▄▄▄▄▄ ▄▄ ▄▄ ▄▄▄▄▄ ▄▄▄▄▄▄ ▄▄▄▄▄▄▄▄ ▄▄▄▄
▄▄▄▄▄▄ ▄▄▄▄▄ ▄▄▄▄▄▄▄ ▄▄▄▄▄▄▄ ▄▄▄▄▄▄▄ ▄▄▄▄▄▄ ▄▄ ▄▄▄ ▄▄▄▄▄▄ ▄▄▄▄▄▄▄▄ ▄▄▄▄▄ ▄▄▄ ▄▄ ▄▄
▄▄ ▄▄▄▄▄▄▄ ▄▄▄▄▄▄▄ ▄▄▄ ▄▄▄▄▄ ▄▄▄▄▄ ▄▄▄▄▄▄▄ ▄▄▄▄▄▄ ▄▄▄▄▄▄▄▄ ▄▄▄ ▄▄▄▄ ▄▄▄▄ ▄▄▄▄▄▄▄▄
▄▄▄▄ ▄▄▄▄▄ ▄▄▄▄▄ ▄▄▄▄▄▄▄ ▄▄▄▄▄▄ ▄▄▄▄▄▄▄▄ ▄▄▄▄▄▄▄ ▄▄▄ ▄▄▄ ▄▄▄▄▄▄▄ ▄▄▄▄▄ ▄▄▄▄▄▄
▄▄▄▄▄▄▄ ▄▄▄ ▄▄ ▄▄▄▄▄▄▄▄ ▄▄▄▄▄ ▄▄ ▄▄▄▄▄ ▄▄▄▄ ▄▄▄▄▄ ▄▄▄▄▄▄▄▄ ▄▄▄▄ ▄▄▄▄▄▄▄ ▄▄▄▄▄▄▄ ▄▄▄▄▄▄ ▄▄▄▄
▄▄▄▄▄ ▄▄▄▄▄▄▄▄ ▄▄▄▄ ▄▄▄▄▄▄▄ ▄▄▄ ▄▄▄▄▄▄ ▄▄▄▄▄▄ ▄▄▄▄ ▄▄▄▄▄▄▄▄ ▄▄▄ ▄▄▄▄▄▄▄▄ ▄▄▄▄▄▄▄ ▄▄▄▄ ▄▄▄▄
▄▄▄▄▄▄▄▄ ▄▄▄▄▄▄ ▄▄▄▄▄▄▄▄ ▄▄▄ ▄▄▄▄▄ ▄▄▄▄▄ ▄▄▄▄▄ ▄▄▄▄▄▄ ▄▄ ▄▄▄
▄▄▄▄▄▄▄ ▄▄ ▄▄▄▄▄▄ ▄▄▄▄▄▄▄ ▄▄▄ ▄▄▄▄▄▄▄ ▄▄▄▄ ▄▄▄▄ ▄▄▄▄ ▄▄▄ ▄▄▄▄▄▄ ▄▄ ▄▄▄▄▄▄ ▄▄▄▄▄▄ ▄▄▄▄ ▄▄▄▄▄▄▄▄
▄▄▄▄▄▄ ▄▄▄▄ ▄▄ ▄▄ ▄▄▄▄▄▄▄▄ ▄▄▄▄ ▄▄▄▄▄▄▄ ▄▄▄▄▄▄▄ ▄▄▄▄▄▄ ▄▄▄ ▄▄▄▄▄ ▄▄▄▄▄▄ ▄▄▄▄▄▄
▄▄▄▄▄ ▄▄▄▄▄▄▄▄ ▄▄ ▄▄▄▄ ▄▄▄▄▄ ▄▄▄▄ ▄▄▄▄ ▄▄▄▄▄ ▄▄▄▄▄▄▄ ▄▄▄ ▄▄▄▄ ▄▄▄▄▄▄▄▄ ▄▄ ▄▄▄▄▄
▄▄▄ ▄▄▄▄▄▄▄▄ ▄▄ ▄▄▄ ▄▄▄▄▄ ▄▄▄▄▄▄▄▄ ▄▄▄▄▄▄ ▄▄▄▄▄ ▄▄▄▄▄▄ ▄▄▄▄▄▄▄▄ ▄▄▄ ▄▄▄▄▄ ▄▄▄▄▄▄▄
▄▄▄ ▄▄▄▄▄ ▄▄▄▄▄ ▄▄▄▄▄▄▄▄ ▄▄▄▄▄▄▄▄ ▄▄▄▄▄ ▄▄▄ ▄▄▄▄▄▄▄ ▄▄▄▄▄ ▄▄▄▄▄▄ ▄▄▄▄▄ ▄▄▄▄▄▄ ▄▄▄▄ ▄▄▄▄▄
▄▄ ▄▄▄▄▄▄ ▄▄▄▄▄▄▄▄ ▄▄▄▄▄▄▄ ▄▄▄▄ ▄▄▄▄▄ ▄▄ ▄▄▄▄▄▄▄▄ ▄▄▄ ▄▄ ▄▄▄▄▄▄▄▄
▄▄▄▄▄▄▄ ▄▄▄▄▄▄ ▄▄▄▄▄▄▄ ▄▄▄▄▄▄▄ ▄▄▄ ▄▄ ▄▄▄▄ ▄▄▄▄▄▄ ▄▄ ▄▄ ▄▄ ▄▄▄▄▄▄▄▄ ▄▄▄ ▄▄▄
▄▄▄▄ ▄▄▄▄▄ ▄▄▄▄▄▄ ▄▄▄▄▄▄▄▄ ▄▄▄▄▄▄▄▄ ▄▄▄▄▄▄▄ ▄▄▄▄ ▄▄▄▄▄▄▄▄ ▄▄▄▄▄▄▄▄ ▄▄
▄▄▄▄▄ ▄▄▄▄▄▄▄ ▄▄▄▄▄ ▄▄ ▄▄▄▄ ▄▄▄▄▄▄ ▄▄ ▄▄▄▄ ▄▄▄▄▄ ▄▄ ▄▄▄▄▄▄▄▄ ▄▄▄▄▄▄ ▄▄▄▄▄ ▄▄▄▄▄▄▄
▄▄▄ ▄▄▄▄ ▄▄▄▄▄▄▄▄ ▄▄▄▄▄▄ ▄▄▄▄▄▄ ▄▄▄▄▄▄▄ ▄▄▄▄ ▄▄▄▄▄▄▄ ▄▄▄▄▄▄▄ ▄▄ ▄▄▄▄ ▄▄▄ ▄▄▄▄▄▄▄▄
▄▄▄▄▄ ▄▄▄▄▄▄▄▄ ▄▄▄▄▄▄▄▄ ▄▄▄ ▄▄▄▄▄▄▄ ▄▄▄ ▄▄▄ ▄▄▄▄▄▄ ▄▄▄▄▄ ▄▄▄▄ ▄▄▄▄▄▄▄▄ ▄▄▄▄
▄▄▄ ▄▄▄▄▄▄▄ ▄▄▄ ▄▄▄▄ ▄▄▄ ▄▄▄ ▄▄▄ ▄▄ ▄▄▄ ▄▄▄▄ ▄▄▄▄▄▄▄▄ ▄▄▄▄▄▄ ▄▄ ▄▄▄ ▄▄▄▄▄▄▄▄ ▄▄▄▄▄▄▄▄ ▄▄▄▄
▄▄▄▄▄▄ ▄▄▄▄▄▄▄▄ ▄▄▄ ▄▄▄▄▄▄ ▄▄▄▄▄ ▄▄▄▄▄ ▄▄▄▄▄▄▄ ▄▄▄▄▄ ▄▄▄▄▄ ▄▄▄▄
▄▄▄▄▄▄▄▄ ▄▄▄▄▄▄▄▄ ▄▄▄▄ ▄▄▄▄▄▄▄ ▄▄ ▄▄▄▄▄▄▄▄ ▄▄▄▄ ▄▄▄▄▄ ▄▄▄▄▄▄▄▄ ▄▄▄ ▄▄▄▄▄▄ ▄▄▄▄▄▄
▄▄▄▄▄ ▄▄▄▄▄▄▄▄ ▄▄▄▄ ▄▄ ▄▄▄▄▄▄ ▄▄▄▄▄▄▄ ▄▄▄▄▄▄ ▄▄▄ ▄▄▄▄▄ ▄▄▄▄▄▄ ▄▄ ▄▄ ▄▄▄▄▄ ▄▄▄▄▄ ▄▄▄▄▄▄
▄▄▄▄▄▄▄▄ ▄▄▄▄▄ ▄▄▄ ▄▄ ▄▄▄▄▄ ▄▄▄ ▄▄▄▄▄ ▄▄▄▄▄▄▄▄ ▄▄▄▄▄ ▄▄▄▄▄▄▄▄ ▄▄▄▄
▄▄ ▄▄▄▄▄▄▄▄ ▄▄▄▄▄▄ ▄▄▄▄▄▄ ▄▄▄▄▄▄ ▄▄▄▄▄▄▄▄ ▄▄▄▄ ▄▄▄▄▄ ▄▄▄▄▄▄ ▄▄▄▄▄▄ ▄▄▄▄▄▄▄
▄▄▄▄▄▄▄ ▄▄▄ ▄▄▄▄▄▄▄▄ ▄▄ ▄▄▄▄▄▄▄ ▄▄▄▄▄ ▄▄ ▄▄▄▄▄▄ ▄▄▄▄▄ ▄▄▄ ▄▄▄▄▄▄▄▄
▄▄▄ ▄▄▄▄▄▄▄▄ ▄▄▄ ▄▄▄▄▄▄▄▄ ▄▄▄ ▄▄▄▄▄▄▄▄ ▄▄▄▄ ▄▄▄▄ ▄▄▄▄▄ ▄▄ ▄▄▄▄▄▄▄▄ ▄▄▄ ▄▄▄▄ ▄▄▄▄
▄▄▄▄▄▄▄ ▄▄▄▄▄▄▄ ▄▄▄▄▄▄ ▄▄▄▄▄▄▄▄ ▄▄▄▄▄ ▄▄▄▄ ▄▄▄ ▄▄ ▄▄▄▄▄ ▄▄▄▄▄▄▄ ▄▄▄▄▄▄▄ ▄▄▄ ▄▄▄ ▄▄▄▄
▄▄▄▄▄▄▄ ▄▄▄▄▄▄ ▄▄▄▄▄ ▄▄▄▄▄▄▄ ▄▄ ▄▄ ▄▄▄▄▄▄▄ ▄▄▄▄▄▄▄▄ ▄▄ ▄▄ ▄▄▄▄▄
▄▄▄▄ ▄▄▄▄▄ ▄▄▄ ▄▄▄▄▄▄▄ ▄▄▄▄▄▄ ▄▄ ▄▄▄▄ ▄▄▄▄▄▄▄▄ ▄▄▄▄▄▄▄ ▄▄▄▄ ▄▄▄▄▄▄▄▄
▄▄▄▄▄▄▄▄ ▄▄▄▄▄▄▄▄ ▄▄▄▄▄ ▄▄▄▄ ▄▄▄ ▄▄▄▄ ▄▄▄▄▄▄ ▄▄▄ ▄▄▄▄ ▄▄▄ ▄▄▄ ▄▄ ▄▄▄▄▄
▄▄▄▄▄▄▄ ▄▄ ▄▄▄▄▄ ▄▄▄▄▄▄ ▄▄▄▄▄▄▄ ▄▄▄▄ ▄▄▄▄▄ ▄▄▄▄ ▄▄▄ ▄▄▄▄▄▄ ▄▄▄▄▄▄▄▄ ▄▄▄▄▄▄▄▄
▄▄▄▄▄ ▄▄▄▄▄▄▄ ▄▄▄▄ ▄▄▄▄▄▄ ▄▄▄▄▄ ▄▄ ▄▄▄▄▄▄▄ ▄▄▄▄ ▄▄▄▄▄ ▄▄ ▄▄▄▄▄▄ ▄▄▄
▄▄▄▄▄▄ ▄▄▄▄ ▄▄ ▄▄▄ ▄▄ ▄▄ ▄▄ ▄▄▄▄▄▄▄ ▄▄▄ ▄▄ ▄▄▄▄▄▄▄▄ ▄▄▄▄▄▄▄▄ ▄▄▄ ▄▄▄▄▄▄▄ ▄▄▄▄▄▄
▄▄▄▄▄ ▄▄▄▄ ▄▄▄▄▄▄ ▄▄▄▄ ▄▄ ▄▄▄▄▄ ▄▄▄▄ ▄▄▄▄▄▄▄ ▄▄▄▄▄▄▄ ▄▄▄▄▄▄▄ ▄▄▄▄▄▄▄ ▄▄▄▄▄▄▄▄ ▄▄▄▄▄ ▄▄▄▄▄▄▄
▄▄ ▄▄▄▄▄ ▄▄▄▄ ▄▄▄▄▄▄▄▄ ▄▄▄▄▄▄▄▄ ▄▄▄▄▄ ▄▄▄▄▄▄▄ ▄▄▄▄▄▄▄ ▄▄▄▄ ▄▄▄ ▄▄▄▄▄▄ ▄▄▄▄
▄▄▄▄▄▄▄▄ ▄▄▄▄ ▄▄▄▄▄▄▄▄ ▄▄▄▄ ▄▄▄▄▄▄▄ ▄▄▄ ▄▄ ▄▄▄▄ ▄▄ ▄▄▄▄▄▄ ▄▄▄▄▄ ▄▄▄▄▄▄▄▄ ▄▄▄▄▄ ▄▄▄▄▄▄
▄▄▄▄ ▄▄▄▄▄▄▄ ▄▄▄ ▄▄▄▄▄▄▄ ▄▄▄▄ ▄▄ ▄▄▄▄ ▄▄▄▄▄▄ ▄▄▄▄▄▄▄ ▄▄▄▄▄▄▄ ▄▄ ▄▄▄▄▄▄▄ ▄▄▄ ▄▄▄ ▄▄▄▄
▄▄▄ ▄▄▄▄▄▄▄▄ ▄▄▄▄▄ ▄▄▄▄▄ ▄▄ ▄▄▄▄▄▄ ▄▄▄▄▄▄ ▄▄▄▄▄▄▄▄ ▄▄ ▄▄▄▄ ▄▄ ▄▄
▄▄▄ ▄▄▄ ▄▄▄▄ ▄▄▄▄▄▄▄ ▄▄▄▄▄ ▄▄▄▄ ▄▄▄ ▄▄▄▄▄▄ ▄▄▄▄ ▄▄▄▄▄▄▄▄ ▄▄▄ ▄▄▄▄▄ ▄▄▄▄▄ ▄▄▄▄▄▄▄
▄▄▄▄▄ ▄▄▄ ▄▄▄ ▄▄ ▄▄▄▄▄ ▄▄▄▄ ▄▄▄▄▄▄ ▄▄▄▄▄▄▄ ▄▄▄▄▄▄▄ ▄▄▄▄▄▄▄ ▄▄▄▄▄
▄▄▄▄▄▄▄▄ ▄▄▄▄▄▄ ▄▄▄ ▄▄▄▄ ▄▄▄▄▄▄▄▄ ▄▄▄▄ ▄▄▄▄▄ ▄▄ ▄▄▄▄▄▄▄ ▄▄▄▄▄▄ ▄▄▄▄▄▄▄ ▄▄▄▄▄▄▄ ▄▄▄
▄▄▄▄▄ ▄▄▄ ▄▄▄ ▄▄▄ ▄▄▄▄▄▄▄▄ ▄▄▄▄▄ ▄▄▄▄▄ ▄▄▄▄▄▄ ▄▄ ▄▄▄▄▄▄▄ ▄▄▄▄▄▄▄▄ ▄▄▄▄ ▄▄▄▄▄▄ ▄▄▄
▄▄▄▄▄▄▄ ▄▄▄▄▄▄ ▄▄▄▄▄ ▄▄▄ ▄▄▄▄▄ ▄▄▄▄ ▄▄▄▄▄▄▄▄ ▄▄▄▄▄▄▄ ▄▄▄▄▄ ▄▄▄ ▄▄▄▄▄▄ ▄▄
▄▄▄▄▄▄ ▄▄▄▄▄ ▄▄▄▄▄▄ ▄▄▄▄▄▄ ▄▄▄ ▄▄▄▄▄ ▄▄▄▄▄ ▄▄▄ ▄▄▄▄▄▄▄ ▄▄▄▄▄ ▄▄▄▄▄▄▄▄ ▄▄▄▄▄▄▄▄ ▄▄▄▄ ▄▄▄▄▄▄▄
▄▄▄▄ ▄▄▄▄ ▄▄▄▄▄ ▄▄▄▄▄▄ ▄▄▄▄▄ ▄▄▄▄▄▄▄ ▄▄▄▄▄ ▄▄▄ ▄▄▄▄ ▄▄ ▄▄▄▄▄▄▄▄
▄▄▄▄▄▄▄▄ ▄▄ ▄▄▄▄ ▄▄▄▄▄▄▄ ▄▄▄ ▄▄▄▄▄▄▄ ▄▄▄▄▄▄ ▄▄▄ ▄▄▄▄▄▄▄ ▄▄▄▄ ▄▄▄▄▄▄▄ ▄▄▄▄▄▄ ▄▄▄▄▄▄▄▄ ▄▄
▄▄▄▄▄▄ ▄▄▄▄▄▄▄ ▄▄▄▄▄▄▄▄ ▄▄▄▄▄▄▄ ▄▄▄▄▄▄▄ ▄▄ ▄▄▄ ▄▄▄▄ ▄▄▄▄▄▄▄▄ ▄▄▄▄▄▄▄▄ ▄▄▄▄▄▄▄▄ ▄▄▄▄▄▄▄▄ ▄▄▄▄▄▄
▄▄▄▄▄▄▄ ▄▄▄▄▄ ▄▄▄▄▄▄▄▄ ▄▄▄▄▄ ▄▄▄▄▄ ▄▄▄▄▄▄▄ ▄▄▄▄▄ ▄▄ ▄▄▄▄ ▄▄ ▄▄▄▄▄▄▄ ▄▄▄ ▄▄▄▄▄▄
▄▄▄▄▄ ▄▄▄▄▄▄▄ ▄▄ ▄▄▄▄ ▄▄▄ ▄▄▄▄▄▄▄▄ ▄▄▄▄ ▄▄▄ ▄▄▄▄▄▄ ▄▄ ▄▄▄▄ ▄▄▄▄▄▄ ▄▄▄▄▄▄▄ ▄▄
▄▄▄▄▄▄▄ ▄▄ ▄▄▄▄ ▄▄▄▄▄▄▄ ▄▄▄▄▄ ▄▄▄▄▄▄▄ ▄▄▄▄▄▄ ▄▄▄▄▄▄ ▄▄ ▄▄▄▄▄▄▄
▄▄▄▄▄ ▄▄▄▄▄▄▄ ▄▄▄▄▄ ▄▄▄ ▄▄▄▄ ▄▄▄▄▄ ▄▄▄▄▄ ▄▄▄▄▄ ▄▄▄▄▄▄▄▄ ▄▄▄▄▄▄ ▄▄▄▄▄▄▄ ▄▄▄
▄▄▄▄▄▄▄ ▄▄▄ ▄▄▄▄▄▄▄▄ ▄▄▄▄▄▄▄▄ ▄▄▄▄▄▄ ▄▄▄▄▄▄▄ ▄▄▄ ▄▄▄▄▄ ▄▄▄ ▄▄▄▄▄▄▄▄ ▄▄▄ ▄▄▄▄▄▄▄▄
▄▄ ▄▄▄▄▄ ▄▄▄▄▄ ▄▄ ▄▄▄▄ ▄▄▄▄▄▄ ▄▄▄▄▄ ▄▄▄ ▄▄▄▄▄▄ ▄▄▄▄▄▄▄ ▄▄▄▄▄▄ ▄▄▄▄▄ ▄▄▄ ▄▄▄
▄▄ ▄▄▄ ▄▄▄ ▄▄▄▄▄▄▄ ▄▄▄▄▄▄▄ ▄▄▄▄▄▄ ▄▄▄▄▄▄▄ ▄▄ ▄▄ ▄▄▄▄▄ ▄▄▄▄▄ ▄▄▄▄▄▄
▄▄▄▄▄▄▄▄ ▄▄▄▄ ▄▄▄▄▄ ▄▄▄▄ ▄▄▄▄▄ ▄▄▄▄▄▄▄ ▄▄▄ ▄▄▄▄▄▄▄▄ ▄▄▄▄▄▄▄▄ ▄▄▄ ▄▄▄ ▄▄▄▄
▄▄▄▄ ▄▄▄▄ ▄▄▄▄▄ ▄▄▄▄ ▄▄▄▄▄▄ ▄▄▄▄▄ ▄▄▄▄▄▄▄▄ ▄▄▄▄▄ ▄▄▄▄▄▄▄▄ ▄▄▄▄ ▄▄▄▄ ▄▄ ▄▄ ▄▄▄▄▄▄
▄▄▄▄▄▄▄ ▄▄▄▄▄▄ ▄▄ ▄▄ ▄▄▄▄▄▄▄ ▄▄▄ ▄▄▄ ▄▄▄▄▄ ▄▄▄▄ ▄▄▄▄▄ ▄▄ ▄▄▄▄▄▄▄ ▄▄▄ ▄▄ ▄▄
▄▄▄▄▄▄ ▄▄▄▄▄▄▄▄ ▄▄▄▄▄▄ ▄▄▄▄▄▄▄ ▄▄▄▄▄▄▄ ▄▄ ▄▄▄▄▄▄▄▄ ▄▄▄▄▄▄▄ ▄▄▄▄▄ ▄▄▄▄▄▄ ▄▄▄▄ ▄▄▄▄
▄▄▄▄▄▄▄▄ ▄▄ ▄▄ ▄▄▄▄▄▄▄▄ ▄▄▄▄▄▄ ▄▄ ▄▄▄▄▄ ▄▄▄▄ ▄▄▄▄ ▄▄▄ ▄▄▄▄▄▄
▄▄▄▄▄▄▄ ▄▄▄ ▄▄▄▄ ▄▄▄▄▄ ▄▄▄▄▄▄▄ ▄▄▄▄▄▄▄ ▄▄▄▄▄▄▄▄ ▄▄▄▄ ▄▄▄▄▄▄▄▄ ▄▄▄▄▄ ▄▄▄
▄▄▄▄▄▄▄ ▄▄▄ ▄▄ ▄▄▄▄▄▄ ▄▄ ▄▄▄▄▄▄▄▄ ▄▄ ▄▄▄▄ ▄▄▄▄▄▄ ▄▄▄▄▄ ▄▄▄▄▄ ▄▄▄▄▄▄ ▄▄▄▄ ▄▄▄▄▄▄▄▄ ▄▄▄▄
▄▄▄ ▄▄▄ ▄▄▄ ▄▄▄▄▄▄ ▄▄▄▄▄▄▄▄ ▄▄▄▄▄▄▄ ▄▄▄▄▄▄▄▄ ▄▄▄▄▄▄ ▄▄▄▄ ▄▄▄▄▄▄▄
▄▄▄▄ ▄▄▄▄ ▄▄▄▄▄▄▄▄ ▄▄ ▄▄ ▄▄▄▄▄▄ ▄▄▄▄▄ ▄▄▄▄▄ ▄▄ ▄▄ ▄▄ ▄▄▄▄ ▄▄▄▄▄▄▄▄
▄▄▄▄▄▄▄ ▄▄▄▄▄ ▄▄▄▄▄▄▄ ▄▄▄▄▄▄▄▄ ▄▄▄ ▄▄▄▄▄▄ ▄▄▄▄▄▄▄ ▄▄▄▄▄▄▄ ▄▄▄ ▄▄▄▄▄▄▄
▄▄▄▄ ▄▄▄ ▄▄▄▄▄▄▄▄ ▄▄▄▄▄▄▄ ▄▄▄▄▄▄▄ ▄▄▄▄▄▄▄▄ ▄▄▄▄▄▄▄ ▄▄▄▄▄▄▄▄ ▄▄▄▄ ▄▄▄▄▄ ▄▄ ▄▄▄▄ ▄▄▄▄
▄▄▄▄▄▄▄▄ ▄▄▄▄▄▄▄ ▄▄▄▄▄ ▄▄▄▄▄ ▄▄▄ ▄▄▄▄ ▄▄▄▄▄▄ ▄▄▄ ▄▄▄▄▄▄ ▄▄▄▄▄▄ ▄▄▄▄ ▄▄▄▄▄▄▄ ▄▄▄▄▄▄▄▄
▄▄▄▄▄▄▄▄ ▄▄▄ ▄▄ ▄▄ ▄▄▄▄▄▄▄ ▄▄▄ ▄▄▄▄▄▄▄ ▄▄▄ ▄▄▄▄▄▄▄ ▄▄▄▄ ▄▄▄▄▄▄
▄▄▄▄▄▄ ▄▄ ▄▄▄ ▄▄▄▄▄ ▄▄▄▄▄▄ ▄▄▄▄ ▄▄▄▄▄▄▄ ▄▄▄▄ ▄▄ ▄▄▄▄▄▄▄ ▄▄▄▄▄▄ ▄▄▄▄▄▄▄ ▄▄
▄▄▄▄▄▄▄▄ ▄▄▄▄▄▄▄ ▄▄ ▄▄▄▄▄▄▄ ▄▄▄▄ ▄▄▄▄▄ ▄▄ ▄▄ ▄▄▄▄▄▄ ▄▄▄ ▄▄▄▄▄▄
▄▄▄ ▄▄▄▄▄▄▄ ▄▄▄▄▄▄▄ ▄▄▄ ▄▄▄▄▄ ▄▄ ▄▄▄ ▄▄▄▄▄▄▄ ▄▄▄▄▄▄▄ ▄▄▄▄▄ ▄▄▄▄▄▄▄ ▄▄▄▄▄ ▄▄▄▄▄ ▄▄▄▄▄▄▄▄
▄▄▄▄▄▄▄ ▄▄▄▄▄ ▄▄▄▄▄ ▄▄▄▄▄▄ ▄▄▄▄▄ ▄▄▄▄ ▄▄ ▄▄▄ ▄▄▄▄▄ ▄▄▄ ▄▄▄▄▄▄▄ ▄▄▄▄▄▄ ▄▄▄▄▄▄▄ ▄▄▄▄▄▄▄▄
▄▄▄▄▄▄▄▄ ▄▄▄▄▄▄▄ ▄▄▄▄▄ ▄▄▄ ▄▄▄▄▄▄▄ ▄▄▄▄▄ ▄▄ ▄▄▄▄ ▄▄▄▄ ▄▄▄ ▄▄▄▄▄▄▄
▄▄▄▄▄▄ ▄▄▄▄▄▄▄ ▄▄▄▄ ▄▄ ▄▄▄ ▄▄▄ ▄▄▄▄▄▄▄ ▄▄▄ ▄▄▄▄▄▄▄ ▄▄ ▄▄▄ ▄▄▄▄▄▄ ▄▄▄▄ ▄▄▄▄▄▄ ▄▄ ▄▄▄▄▄▄▄▄
oö landes
bibliothek	intranda viewer
